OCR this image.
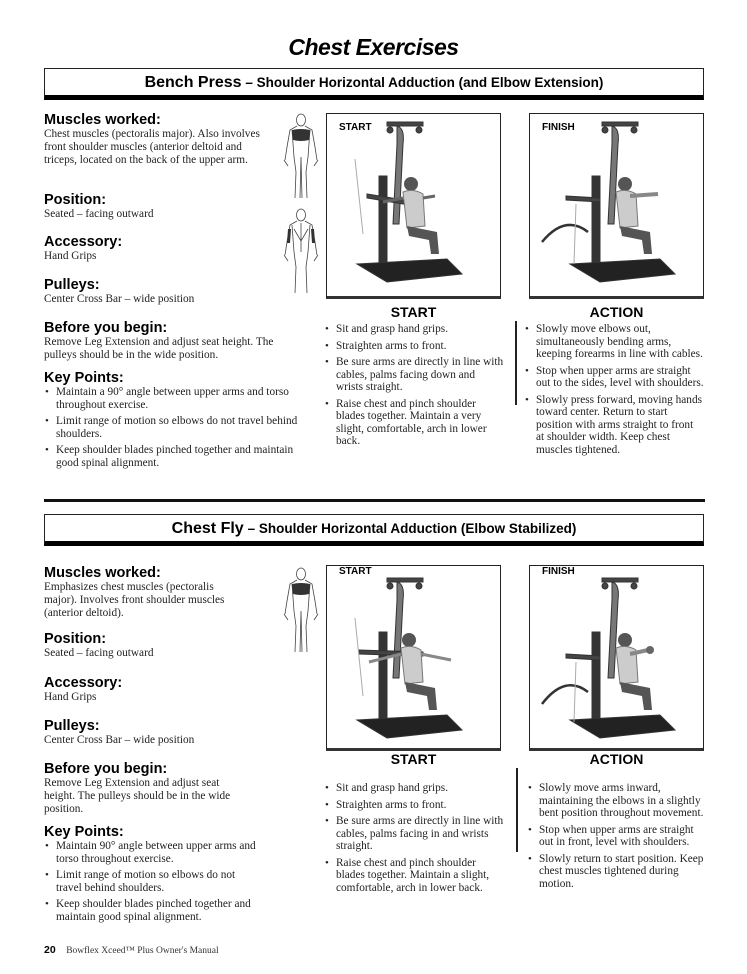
Chest Exercises
Bench Press – Shoulder Horizontal Adduction (and Elbow Extension)

Muscles worked:

Chest muscles (pectoralis major). Also involves front shoulder muscles (anterior deltoid and triceps, located on the back of the upper arm.

Position:

Seated – facing outward

Accessory:

Hand Grips

Pulleys:

Center Cross Bar – wide position

Before you begin:

Remove Leg Extension and adjust seat height. The pulleys should be in the wide position.

Key Points:

• Maintain a 90° angle between upper arms and torso throughout exercise.
• Limit range of motion so elbows do not travel behind shoulders.
• Keep shoulder blades pinched together and maintain good spinal alignment.
START	FINISH
START
• Sit and grasp hand grips.
• Straighten arms to front.
• Be sure arms are directly in line with cables, palms facing down and wrists straight.
• Raise chest and pinch shoulder blades together. Maintain a very slight, comfortable, arch in lower back.
ACTION
• Slowly move elbows out, simultaneously bending arms, keeping forearms in line with cables.
• Stop when upper arms are straight out to the sides, level with shoulders.
• Slowly press forward, moving hands toward center. Return to start position with arms straight to front at shoulder width. Keep chest muscles tightened.
Chest Fly – Shoulder Horizontal Adduction (Elbow Stabilized)

Muscles worked:

Emphasizes chest muscles (pectoralis major). Involves front shoulder muscles (anterior deltoid).

Position:

Seated – facing outward

Accessory:

Hand Grips

Pulleys:

Center Cross Bar – wide position

Before you begin:

Remove Leg Extension and adjust seat height. The pulleys should be in the wide position.

Key Points:

• Maintain 90° angle between upper arms and torso throughout exercise.
• Limit range of motion so elbows do not travel behind shoulders.
• Keep shoulder blades pinched together and maintain good spinal alignment.
START	FINISH
START
• Sit and grasp hand grips.
• Straighten arms to front.
• Be sure arms are directly in line with cables, palms facing in and wrists straight.
• Raise chest and pinch shoulder blades together. Maintain a slight, comfortable, arch in lower back.
ACTION
• Slowly move arms inward, maintaining the elbows in a slightly bent position throughout movement.
• Stop when upper arms are straight out in front, level with shoulders.
• Slowly return to start position. Keep chest muscles tightened during motion.
20 Bowflex Xceed™ Plus Owner's Manual
